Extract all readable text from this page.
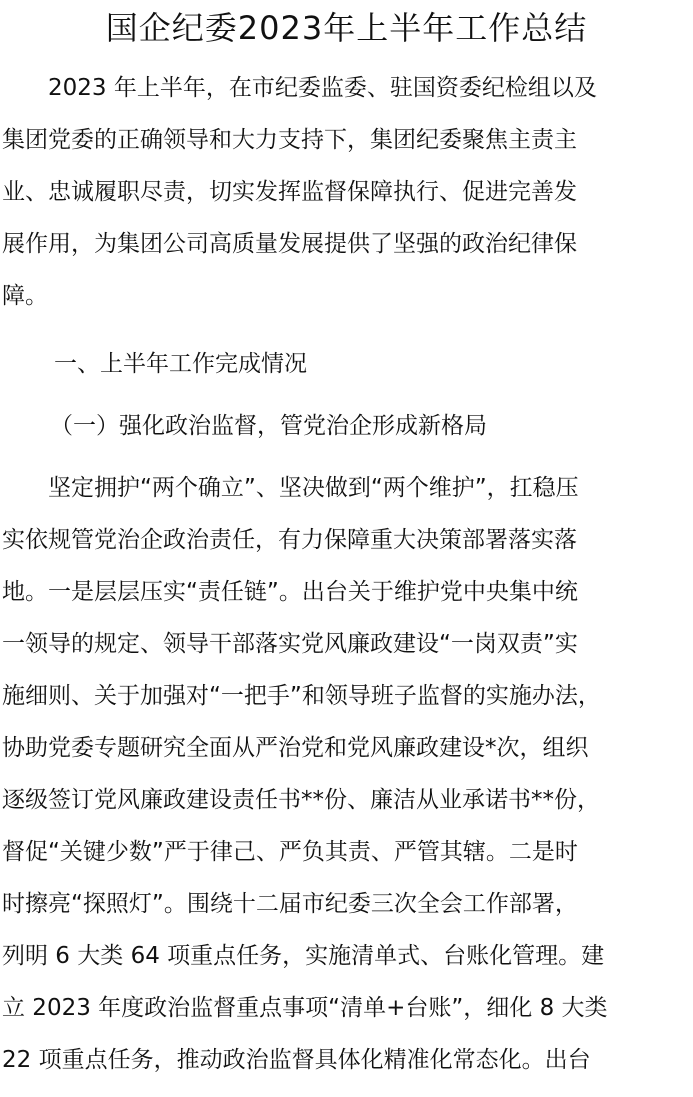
国企纪委2023年上半年工作总结
2023 年上半年，在市纪委监委、驻国资委纪检组以及
集团党委的正确领导和大力支持下，集团纪委聚焦主责主
业、忠诚履职尽责，切实发挥监督保障执行、促进完善发
展作用，为集团公司高质量发展提供了坚强的政治纪律保
障。
一、上半年工作完成情况
（一）强化政治监督，管党治企形成新格局
坚定拥护“两个确立”、坚决做到“两个维护”，扛稳压
实依规管党治企政治责任，有力保障重大决策部署落实落
地。一是层层压实“责任链”。出台关于维护党中央集中统
一领导的规定、领导干部落实党风廉政建设“一岗双责”实
施细则、关于加强对“一把手”和领导班子监督的实施办法，
协助党委专题研究全面从严治党和党风廉政建设*次，组织
逐级签订党风廉政建设责任书**份、廉洁从业承诺书**份，
督促“关键少数”严于律己、严负其责、严管其辖。二是时
时擦亮“探照灯”。围绕十二届市纪委三次全会工作部署，
列明 6 大类 64 项重点任务，实施清单式、台账化管理。建
立 2023 年度政治监督重点事项“清单+台账”，细化 8 大类
22 项重点任务，推动政治监督具体化精准化常态化。出台
